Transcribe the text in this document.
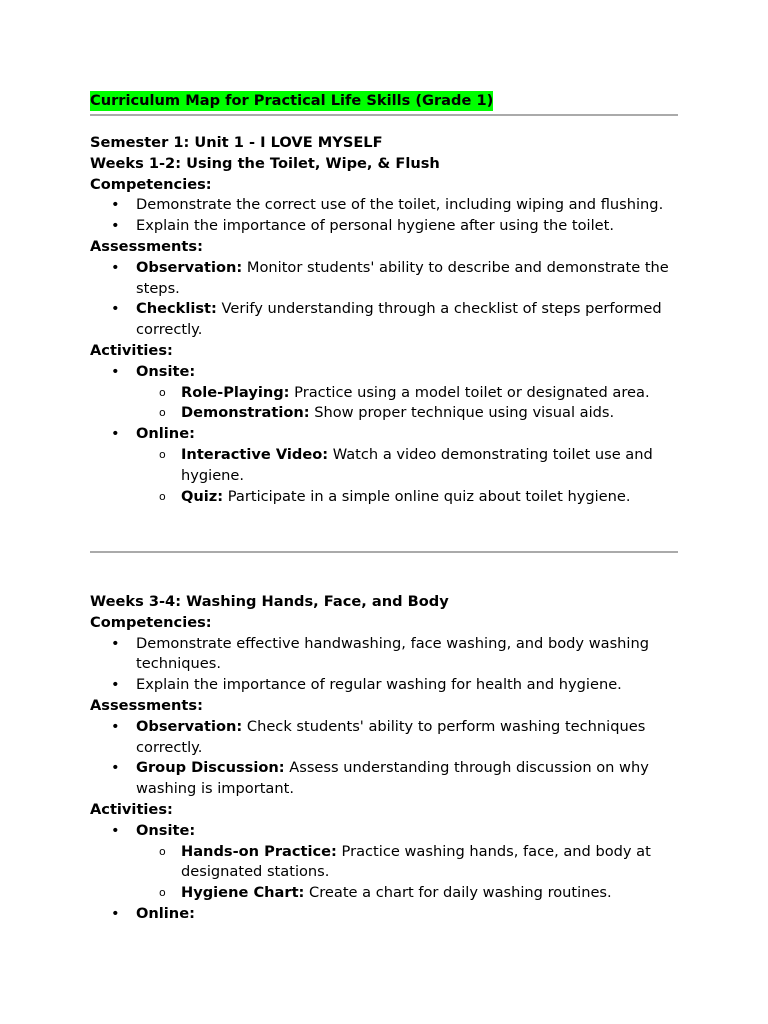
Curriculum Map for Practical Life Skills (Grade 1)

Semester 1: Unit 1 - I LOVE MYSELF

Weeks 1-2: Using the Toilet, Wipe, & Flush

Competencies:

• Demonstrate the correct use of the toilet, including wiping and flushing.
• Explain the importance of personal hygiene after using the toilet.

Assessments:

• Observation: Monitor students' ability to describe and demonstrate the steps.
• Checklist: Verify understanding through a checklist of steps performed correctly.

Activities:

• Onsite:
o Role-Playing: Practice using a model toilet or designated area.
o Demonstration: Show proper technique using visual aids.
• Online:
o Interactive Video: Watch a video demonstrating toilet use and hygiene.
o Quiz: Participate in a simple online quiz about toilet hygiene.

Weeks 3-4: Washing Hands, Face, and Body

Competencies:

• Demonstrate effective handwashing, face washing, and body washing techniques.
• Explain the importance of regular washing for health and hygiene.

Assessments:

• Observation: Check students' ability to perform washing techniques correctly.
• Group Discussion: Assess understanding through discussion on why washing is important.

Activities:

• Onsite:
o Hands-on Practice: Practice washing hands, face, and body at designated stations.
o Hygiene Chart: Create a chart for daily washing routines.
• Online:
